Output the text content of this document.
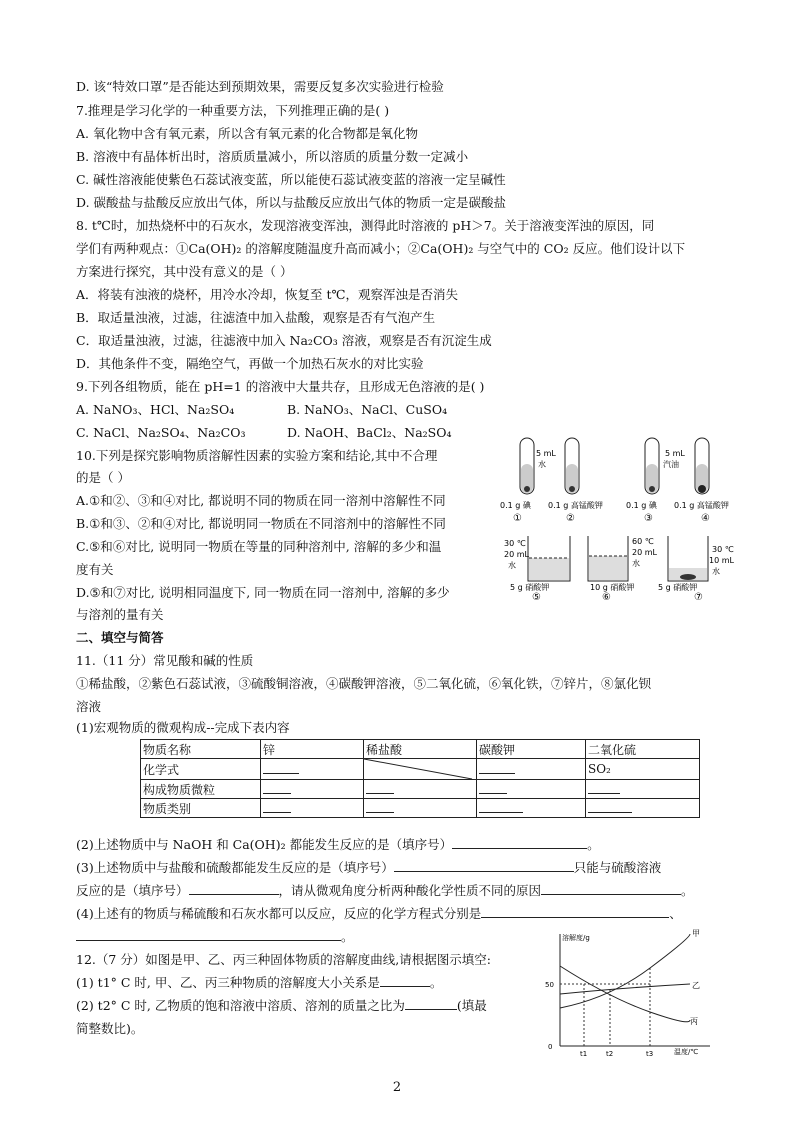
D. 该“特效口罩”是否能达到预期效果，需要反复多次实验进行检验
7.推理是学习化学的一种重要方法，下列推理正确的是( )
A. 氧化物中含有氧元素，所以含有氧元素的化合物都是氧化物
B. 溶液中有晶体析出时，溶质质量减小，所以溶质的质量分数一定减小
C. 碱性溶液能使紫色石蕊试液变蓝，所以能使石蕊试液变蓝的溶液一定呈碱性
D. 碳酸盐与盐酸反应放出气体，所以与盐酸反应放出气体的物质一定是碳酸盐
8. t℃时，加热烧杯中的石灰水，发现溶液变浑浊，测得此时溶液的 pH＞7。关于溶液变浑浊的原因，同
学们有两种观点：①Ca(OH)₂ 的溶解度随温度升高而减小；②Ca(OH)₂ 与空气中的 CO₂ 反应。他们设计以下
方案进行探究，其中没有意义的是（ ）
A．将装有浊液的烧杯，用冷水冷却，恢复至 t℃，观察浑浊是否消失
B．取适量浊液，过滤，往滤渣中加入盐酸，观察是否有气泡产生
C．取适量浊液，过滤，往滤液中加入 Na₂CO₃ 溶液，观察是否有沉淀生成
D．其他条件不变，隔绝空气，再做一个加热石灰水的对比实验
9.下列各组物质，能在 pH=1 的溶液中大量共存，且形成无色溶液的是( )
A. NaNO₃、HCl、Na₂SO₄	B. NaNO₃、NaCl、CuSO₄
C. NaCl、Na₂SO₄、Na₂CO₃	D. NaOH、BaCl₂、Na₂SO₄
10.下列是探究影响物质溶解性因素的实验方案和结论,其中不合理
的是（ ）
A.①和②、③和④对比, 都说明不同的物质在同一溶剂中溶解性不同
B.①和③、②和④对比, 都说明同一物质在不同溶剂中的溶解性不同
C.⑤和⑥对比, 说明同一物质在等量的同种溶剂中, 溶解的多少和温
度有关
D.⑤和⑦对比, 说明相同温度下, 同一物质在同一溶剂中, 溶解的多少
与溶剂的量有关
二、填空与简答
11.（11 分）常见酸和碱的性质
①稀盐酸，②紫色石蕊试液，③硫酸铜溶液，④碳酸钾溶液，⑤二氧化硫，⑥氧化铁，⑦锌片，⑧氯化钡
溶液
(1)宏观物质的微观构成--完成下表内容
物质名称	锌	稀盐酸	碳酸钾	二氧化硫
化学式				SO₂
构成物质微粒				
物质类别				
(2)上述物质中与 NaOH 和 Ca(OH)₂ 都能发生反应的是（填序号）	。
(3)上述物质中与盐酸和硫酸都能发生反应的是（填序号）	只能与硫酸溶液
反应的是（填序号）	，请从微观角度分析两种酸化学性质不同的原因	。
(4)上述有的物质与稀硫酸和石灰水都可以反应，反应的化学方程式分别是	、
。
12.（7 分）如图是甲、乙、丙三种固体物质的溶解度曲线,请根据图示填空:
(1) t1° C 时, 甲、乙、丙三种物质的溶解度大小关系是	。
(2) t2° C 时, 乙物质的饱和溶液中溶质、溶剂的质量之比为	(填最
简整数比)。
5 mL
水
5 mL
汽油
0.1 g 碘 0.1 g 高锰酸钾	0.1 g 碘 0.1 g 高锰酸钾
①	②	③	④
30 ℃
20 mL
水
60 ℃
20 mL
水
30 ℃
10 mL
水
5 g 硝酸钾	10 g 硝酸钾	5 g 硝酸钾
⑤	⑥	⑦
溶解度/g
温度/℃
0
50
t1	t2	t3
甲
乙
丙
2
